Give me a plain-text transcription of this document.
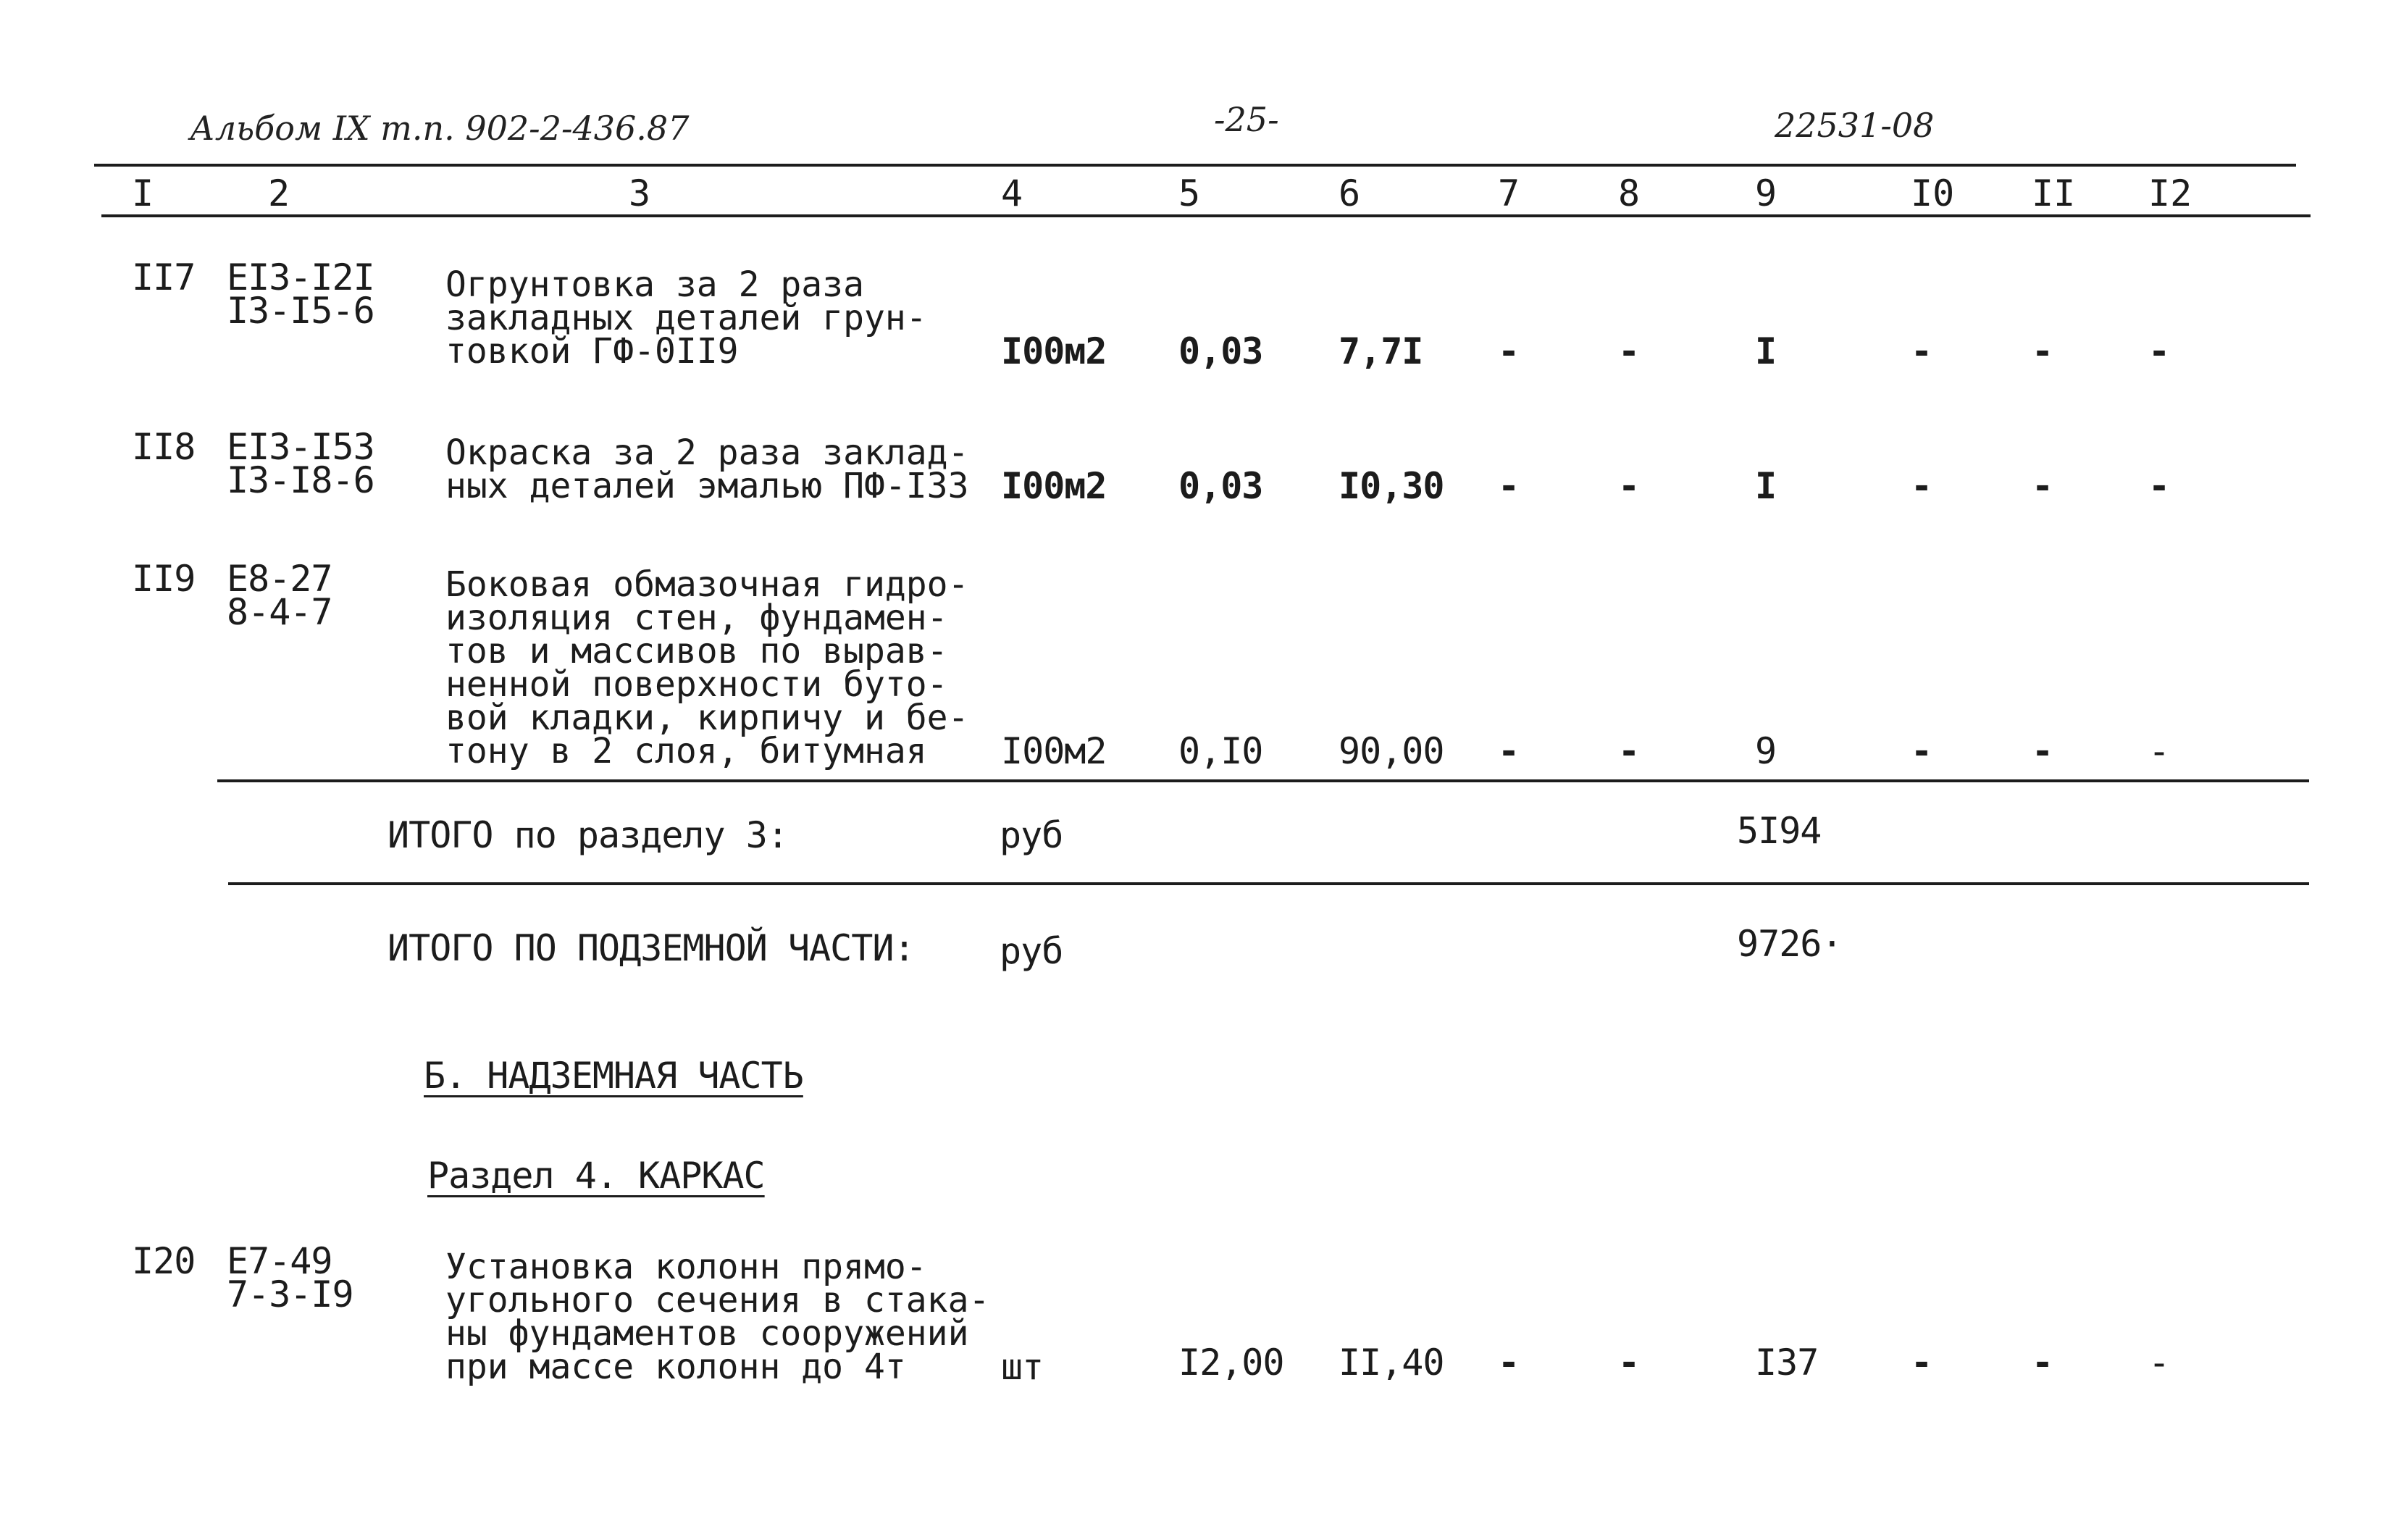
Альбом IX т.п. 902-2-436.87	-25-	22531-08
I	2	3	4	5	6	7	8	9	I0 II I2
II7 EI3-I2I
I3-I5-6
Огрунтовка за 2 раза
закладных деталей грун-
товкой ГФ-0II9	I00м2 0,03 7,7I -	-	I	-	-	-
II8 EI3-I53
I3-I8-6
Окраска за 2 раза заклад-
ных деталей эмалью ПФ-I33 I00м2 0,03 I0,30 -	-	I	-	-	-
II9 E8-27
8-4-7
Боковая обмазочная гидро-
изоляция стен, фундамен-
тов и массивов по вырав-
ненной поверхности буто-
вой кладки, кирпичу и бе-
тону в 2 слоя, битумная I00м2 0,I0 90,00 -	-	9	-	-	-
ИТОГО по разделу 3:	руб	5I94
ИТОГО ПО ПОДЗЕМНОЙ ЧАСТИ: руб	9726·
Б. НАДЗЕМНАЯ ЧАСТЬ
Раздел 4. КАРКАС
I20 E7-49
7-3-I9
Установка колонн прямо-
угольного сечения в стака-
ны фундаментов сооружений
при массе колонн до 4т	шт	I2,00 II,40 -	-	I37	-	-	-
